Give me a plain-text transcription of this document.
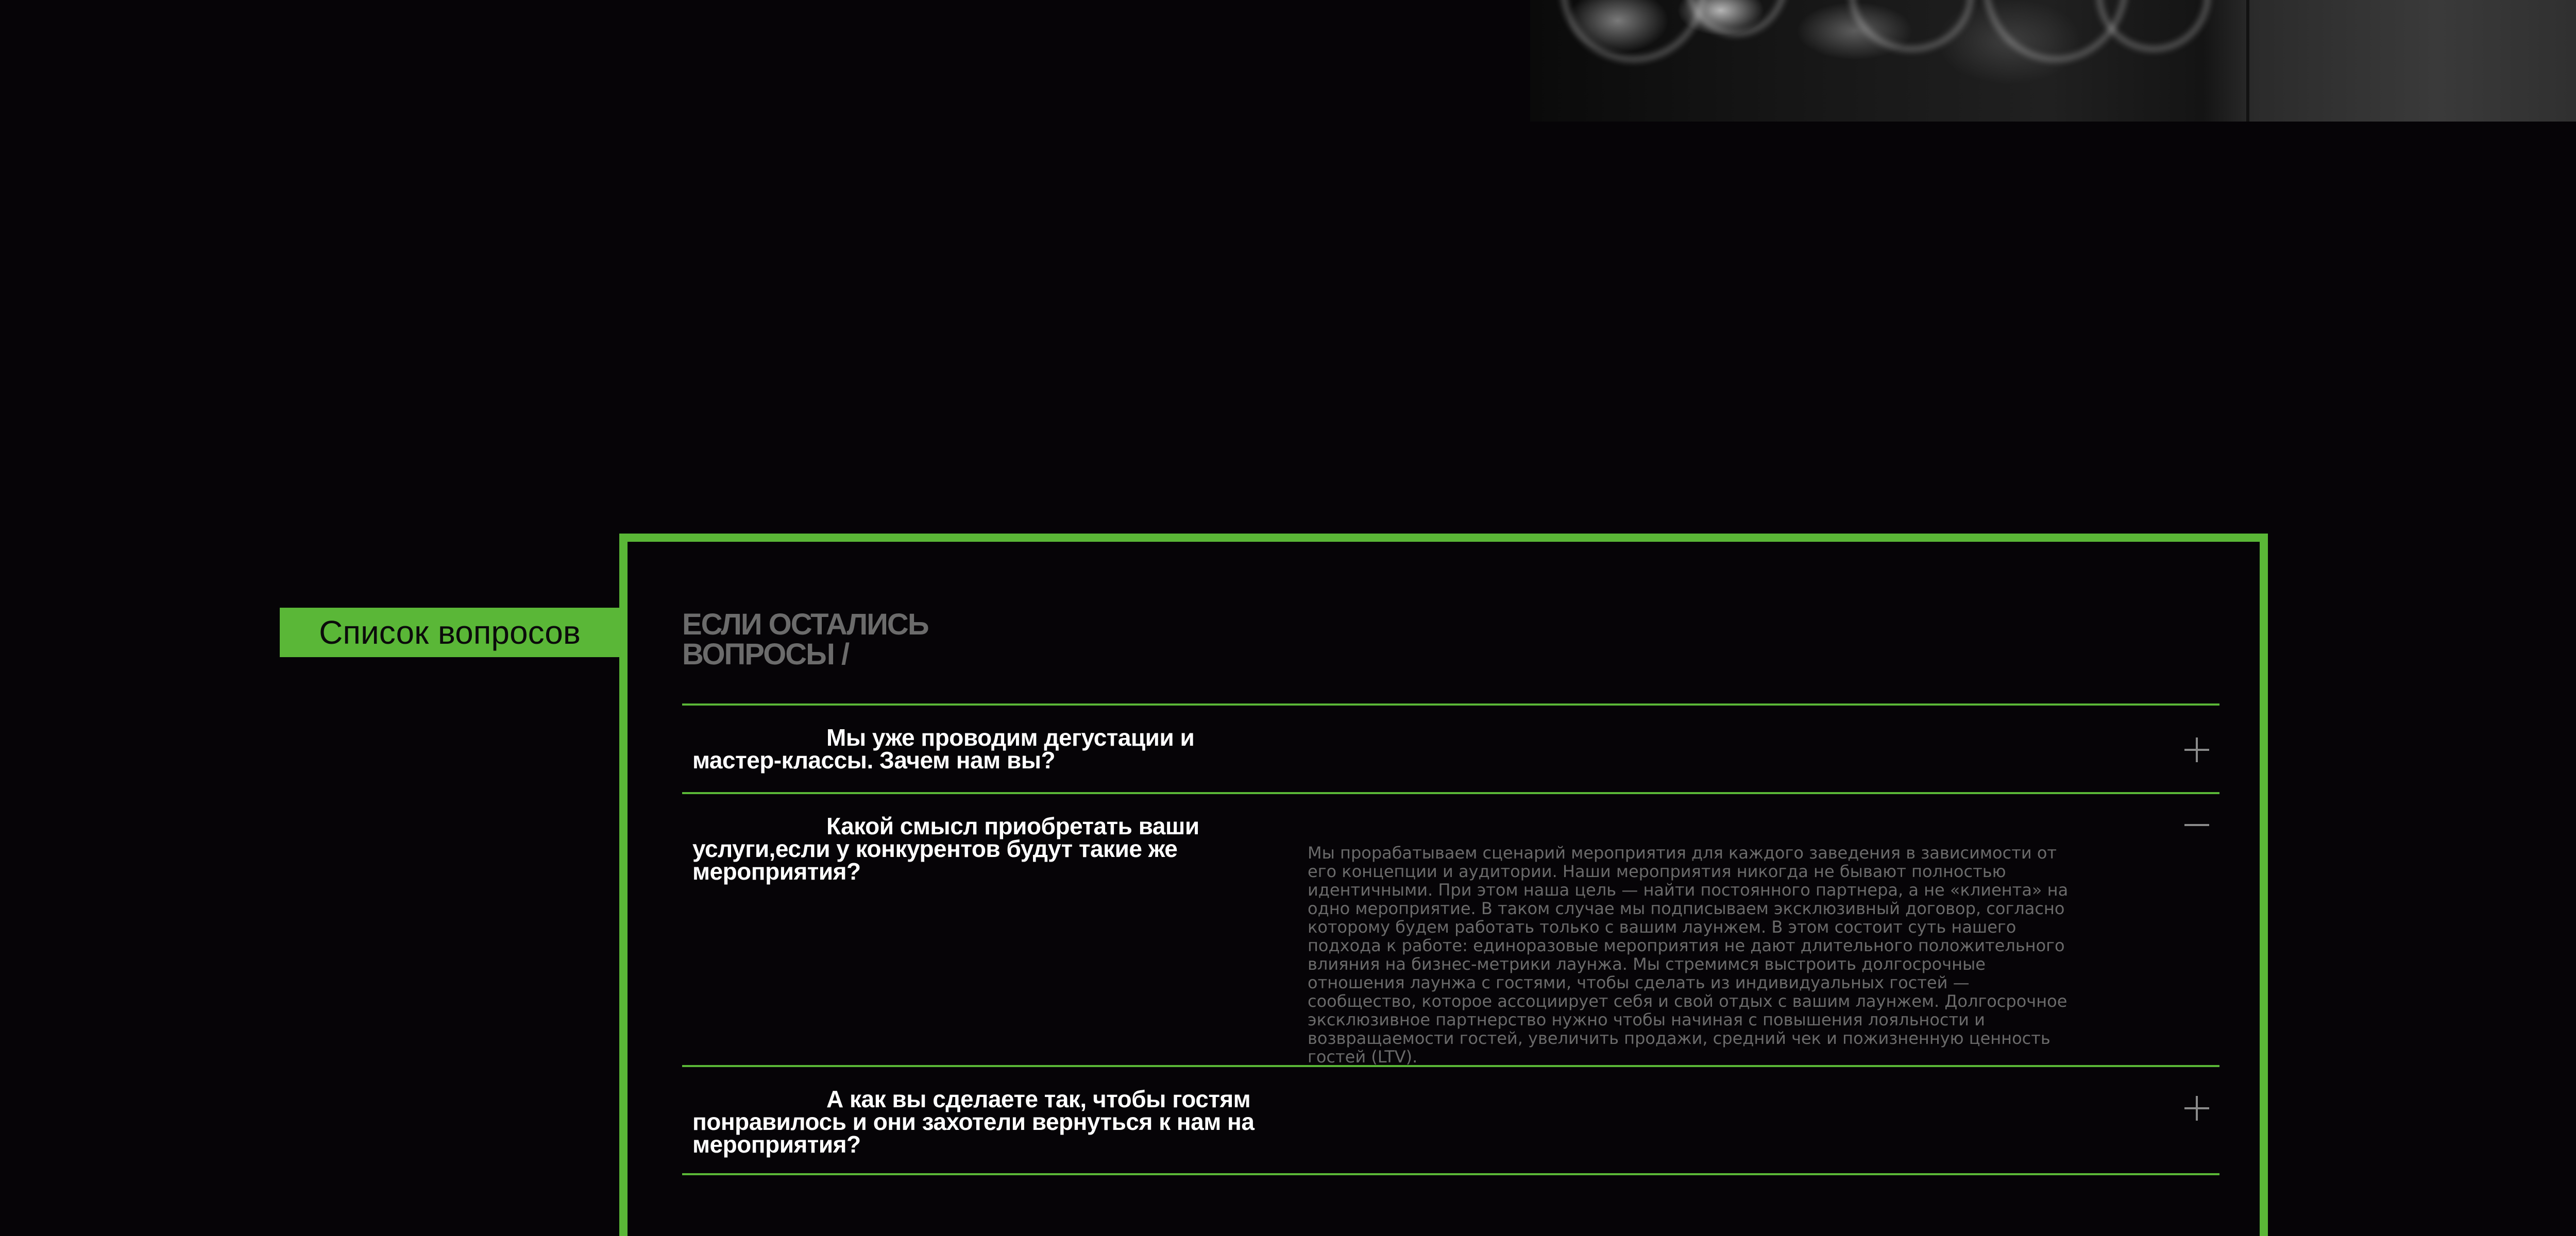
Список вопросов	ЕСЛИ ОСТАЛИСЬ
ВОПРОСЫ /
Мы уже проводим дегустации и мастер-классы. Зачем нам вы?
Какой смысл приобретать ваши услуги,если у конкурентов будут такие же мероприятия?
Мы прорабатываем сценарий мероприятия для каждого заведения в зависимости от его концепции и аудитории. Наши мероприятия никогда не бывают полностью идентичными. При этом наша цель — найти постоянного партнера, а не «клиента» на одно мероприятие. В таком случае мы подписываем эксклюзивный договор, согласно которому будем работать только с вашим лаунжем. В этом состоит суть нашего подхода к работе: единоразовые мероприятия не дают длительного положительного влияния на бизнес-метрики лаунжа. Мы стремимся выстроить долгосрочные отношения лаунжа с гостями, чтобы сделать из индивидуальных гостей — сообщество, которое ассоциирует себя и свой отдых с вашим лаунжем. Долгосрочное эксклюзивное партнерство нужно чтобы начиная с повышения лояльности и возвращаемости гостей, увеличить продажи, средний чек и пожизненную ценность гостей (LTV).
А как вы сделаете так, чтобы гостям понравилось и они захотели вернуться к нам на мероприятия?
